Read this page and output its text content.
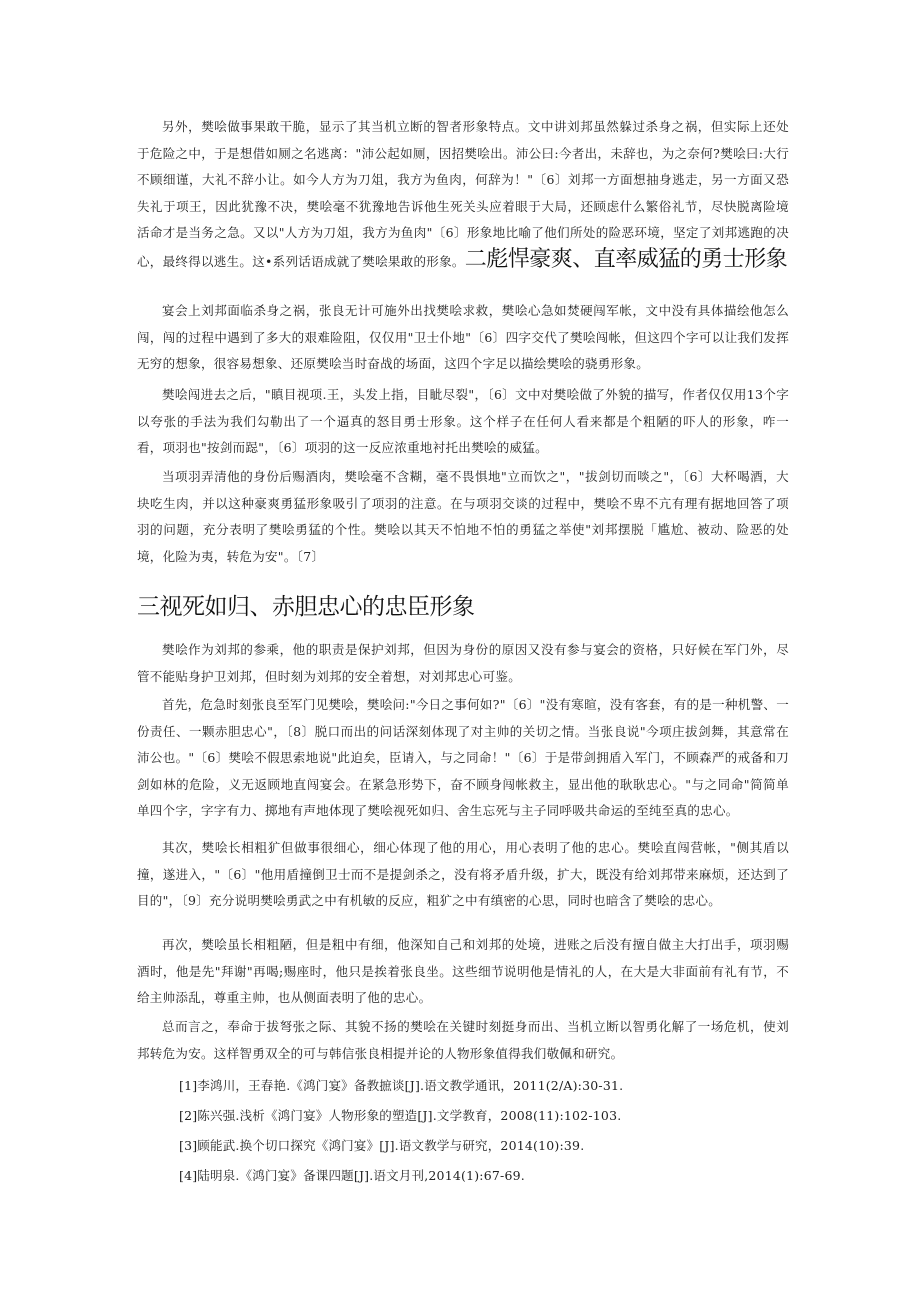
另外，樊哙做事果敢干脆，显示了其当机立断的智者形象特点。文中讲刘邦虽然躲过杀身之祸，但实际上还处于危险之中，于是想借如厕之名逃离："沛公起如厕，因招樊哙出。沛公曰:今者出，未辞也，为之奈何?樊哙曰:大行不顾细谨，大礼不辞小让。如今人方为刀俎，我方为鱼肉，何辞为！"〔6〕刘邦一方面想抽身逃走，另一方面又恐失礼于项王，因此犹豫不决，樊哙毫不犹豫地告诉他生死关头应着眼于大局，还顾虑什么繁俗礼节，尽快脱离险境活命才是当务之急。又以"人方为刀俎，我方为鱼肉"〔6〕形象地比喻了他们所处的险恶环境，坚定了刘邦逃跑的决心，最终得以逃生。这•系列话语成就了樊哙果敢的形象。二彪悍豪爽、直率威猛的勇士形象

宴会上刘邦面临杀身之祸，张良无计可施外出找樊哙求救，樊哙心急如焚硬闯军帐，文中没有具体描绘他怎么闯，闯的过程中遇到了多大的艰难险阻，仅仅用"卫士仆地"〔6〕四字交代了樊哙闯帐，但这四个字可以让我们发挥无穷的想象，很容易想象、还原樊哙当时奋战的场面，这四个字足以描绘樊哙的骁勇形象。

樊哙闯进去之后，"瞋目视项.王，头发上指，目眦尽裂"，〔6〕文中对樊哙做了外貌的描写，作者仅仅用13个字以夸张的手法为我们勾勒出了一个逼真的怒目勇士形象。这个样子在任何人看来都是个粗陋的吓人的形象，咋一看，项羽也"按剑而跽"，〔6〕项羽的这一反应浓重地衬托出樊哙的威猛。

当项羽弄清他的身份后赐酒肉，樊哙毫不含糊，毫不畏惧地"立而饮之"，"拔剑切而啖之"，〔6〕大杯喝酒，大块吃生肉，并以这种豪爽勇猛形象吸引了项羽的注意。在与项羽交谈的过程中，樊哙不卑不亢有理有据地回答了项羽的问题，充分表明了樊哙勇猛的个性。樊哙以其天不怕地不怕的勇猛之举使"刘邦摆脱「尴尬、被动、险恶的处境，化险为夷，转危为安"。〔7〕

三视死如归、赤胆忠心的忠臣形象

樊哙作为刘邦的参乘，他的职责是保护刘邦，但因为身份的原因又没有参与宴会的资格，只好候在军门外，尽管不能贴身护卫刘邦，但时刻为刘邦的安全着想，对刘邦忠心可鉴。

首先，危急时刻张良至军门见樊哙，樊哙问:"今日之事何如?"〔6〕"没有寒暄，没有客套，有的是一种机警、一份责任、一颗赤胆忠心"，〔8〕脱口而出的问话深刻体现了对主帅的关切之情。当张良说"今项庄拔剑舞，其意常在沛公也。"〔6〕樊哙不假思索地说"此迫矣，臣请入，与之同命！"〔6〕于是带剑拥盾入军门，不顾森严的戒备和刀剑如林的危险，义无返顾地直闯宴会。在紧急形势下，奋不顾身闯帐救主，显出他的耿耿忠心。"与之同命"简简单单四个字，字字有力、掷地有声地体现了樊哙视死如归、舍生忘死与主子同呼吸共命运的至纯至真的忠心。

其次，樊哙长相粗犷但做事很细心，细心体现了他的用心，用心表明了他的忠心。樊哙直闯营帐，"侧其盾以撞，遂进入，"〔6〕"他用盾撞倒卫士而不是提剑杀之，没有将矛盾升级，扩大，既没有给刘邦带来麻烦，还达到了目的"，〔9〕充分说明樊哙勇武之中有机敏的反应，粗犷之中有缜密的心思，同时也暗含了樊哙的忠心。

再次，樊哙虽长相粗陋，但是粗中有细，他深知自己和刘邦的处境，进账之后没有擅自做主大打出手，项羽赐酒时，他是先"拜谢"再喝;赐座时，他只是挨着张良坐。这些细节说明他是情礼的人，在大是大非面前有礼有节，不给主帅添乱，尊重主帅，也从侧面表明了他的忠心。

总而言之，奉命于拔弩张之际、其貌不扬的樊哙在关键时刻挺身而出、当机立断以智勇化解了一场危机，使刘邦转危为安。这样智勇双全的可与韩信张良相提并论的人物形象值得我们敬佩和研究。

[1]李鸿川，王春艳.《鸿门宴》备教摭谈[J].语文教学通讯，2011(2/A):30-31.

[2]陈兴强.浅析《鸿门宴》人物形象的塑造[J].文学教育，2008(11):102-103.

[3]顾能武.换个切口探究《鸿门宴》[J].语文教学与研究，2014(10):39.

[4]陆明泉.《鸿门宴》备课四题[J].语文月刊,2014(1):67-69.
